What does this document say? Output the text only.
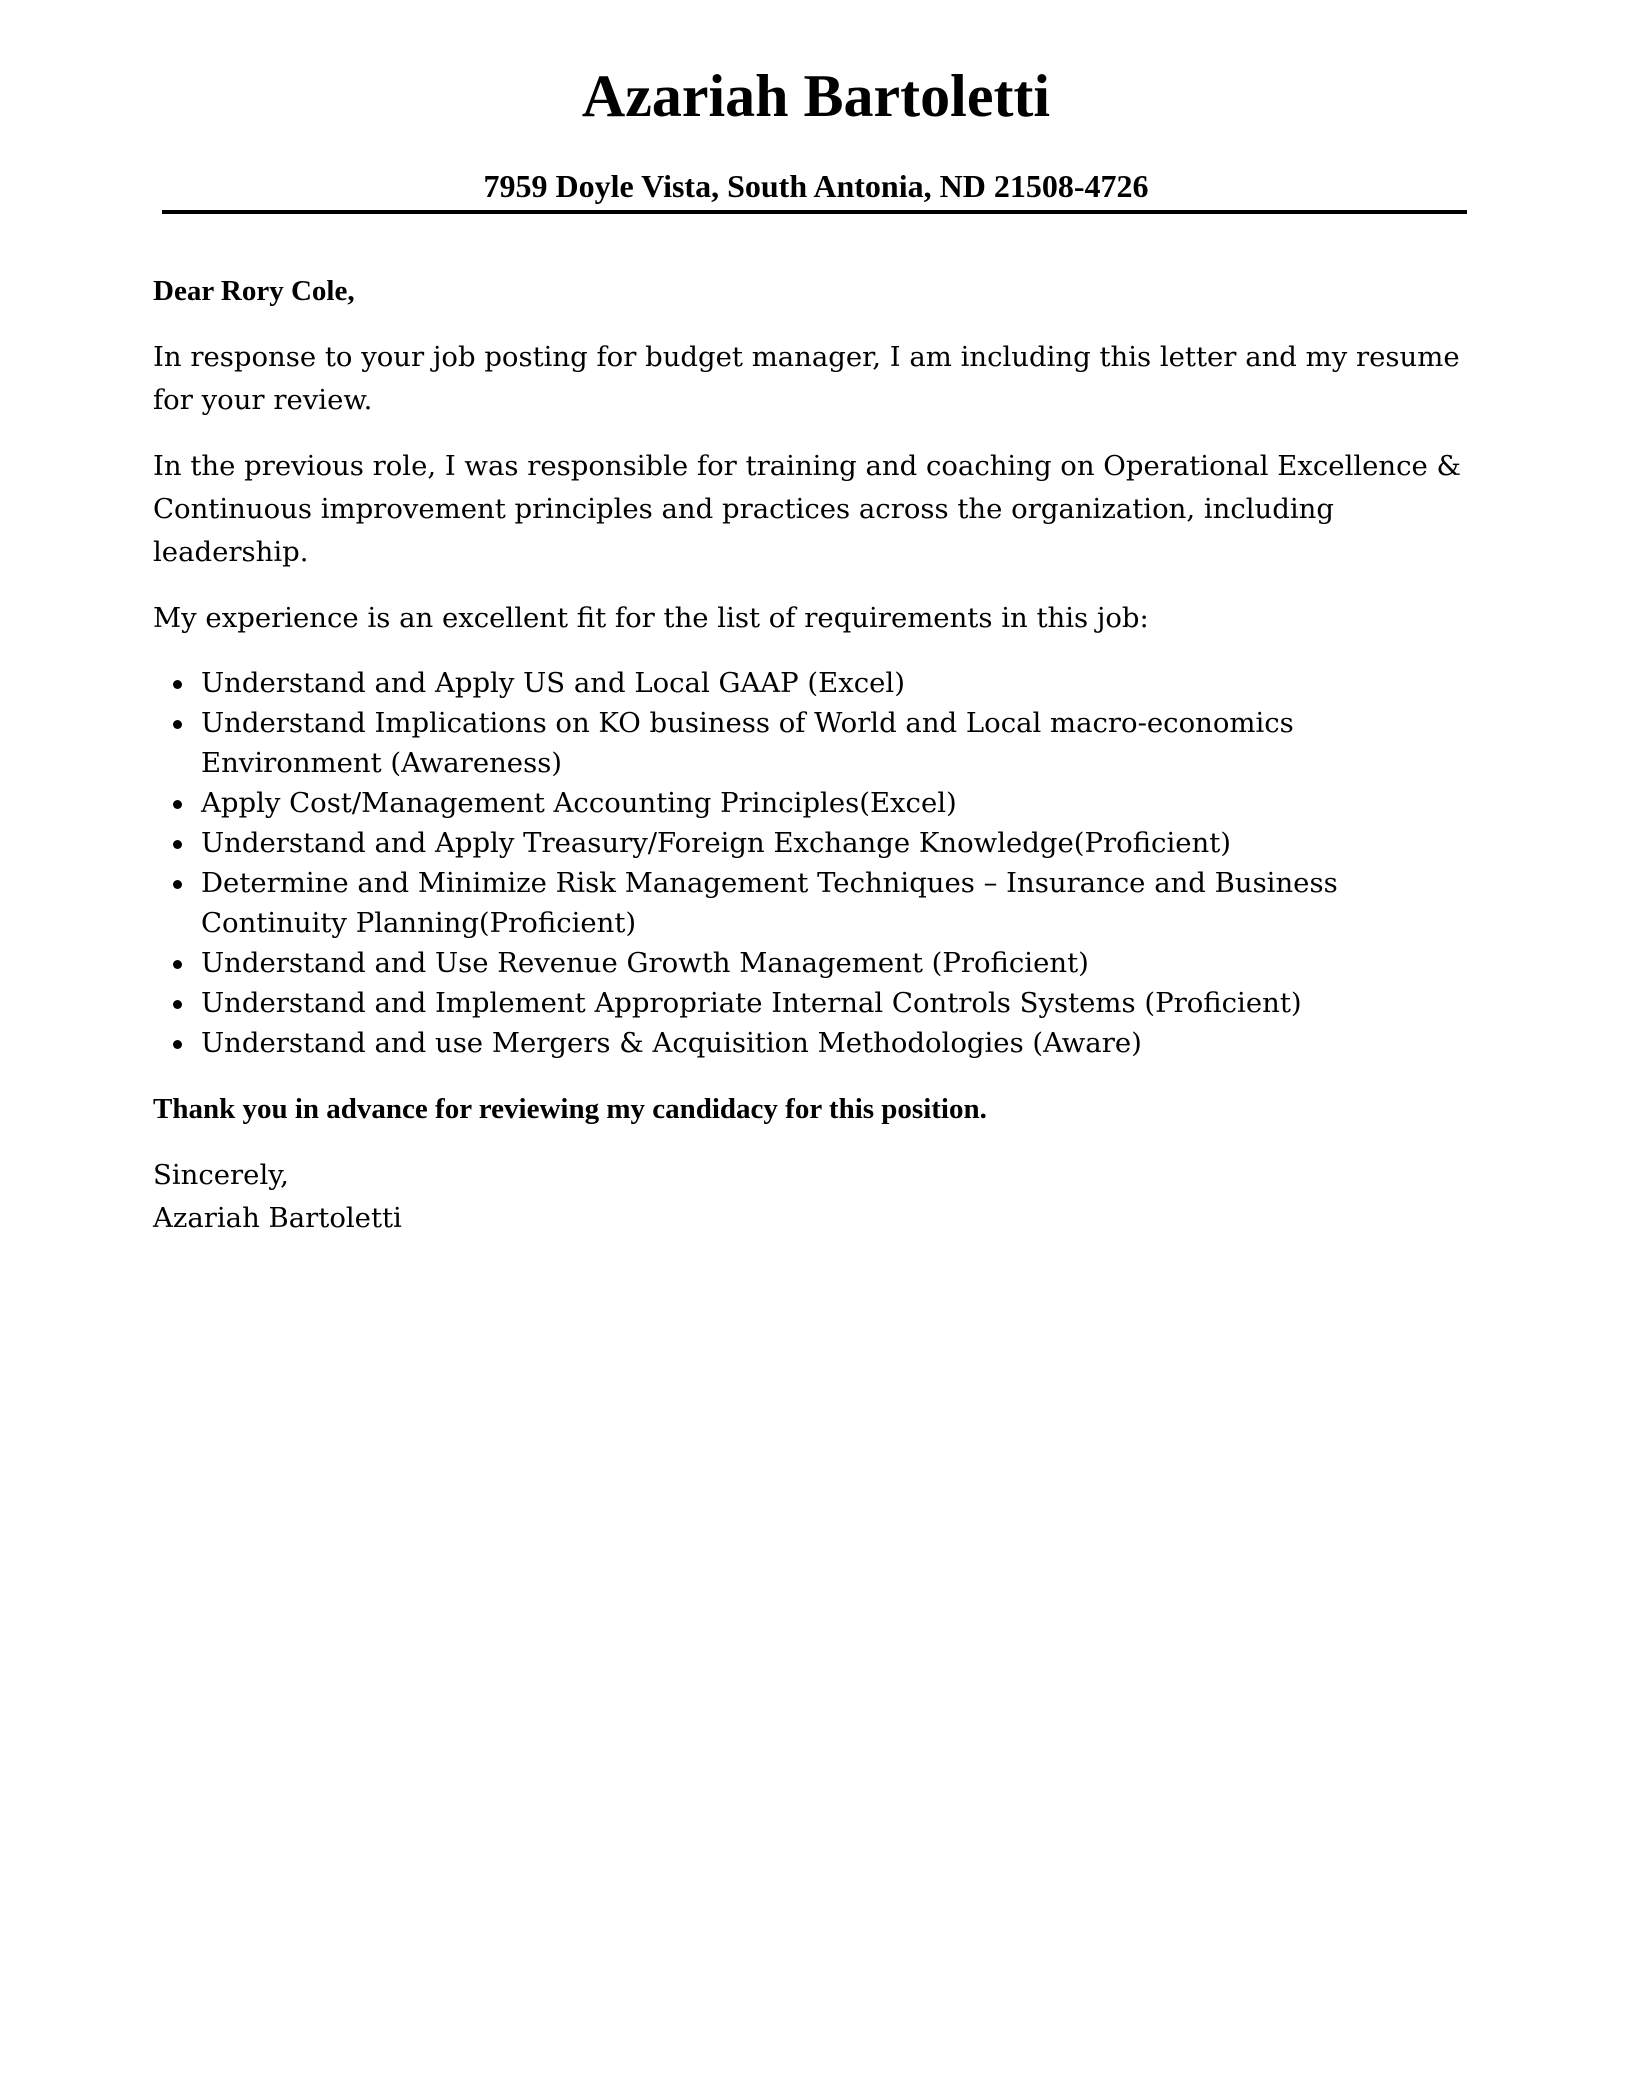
Azariah Bartoletti

7959 Doyle Vista, South Antonia, ND 21508-4726

Dear Rory Cole,

In response to your job posting for budget manager, I am including this letter and my resume for your review.

In the previous role, I was responsible for training and coaching on Operational Excellence & Continuous improvement principles and practices across the organization, including leadership.

My experience is an excellent fit for the list of requirements in this job:

Understand and Apply US and Local GAAP (Excel)
Understand Implications on KO business of World and Local macro-economics Environment (Awareness)
Apply Cost/Management Accounting Principles(Excel)
Understand and Apply Treasury/Foreign Exchange Knowledge(Proficient)
Determine and Minimize Risk Management Techniques – Insurance and Business Continuity Planning(Proficient)
Understand and Use Revenue Growth Management (Proficient)
Understand and Implement Appropriate Internal Controls Systems (Proficient)
Understand and use Mergers & Acquisition Methodologies (Aware)

Thank you in advance for reviewing my candidacy for this position.

Sincerely,
Azariah Bartoletti
